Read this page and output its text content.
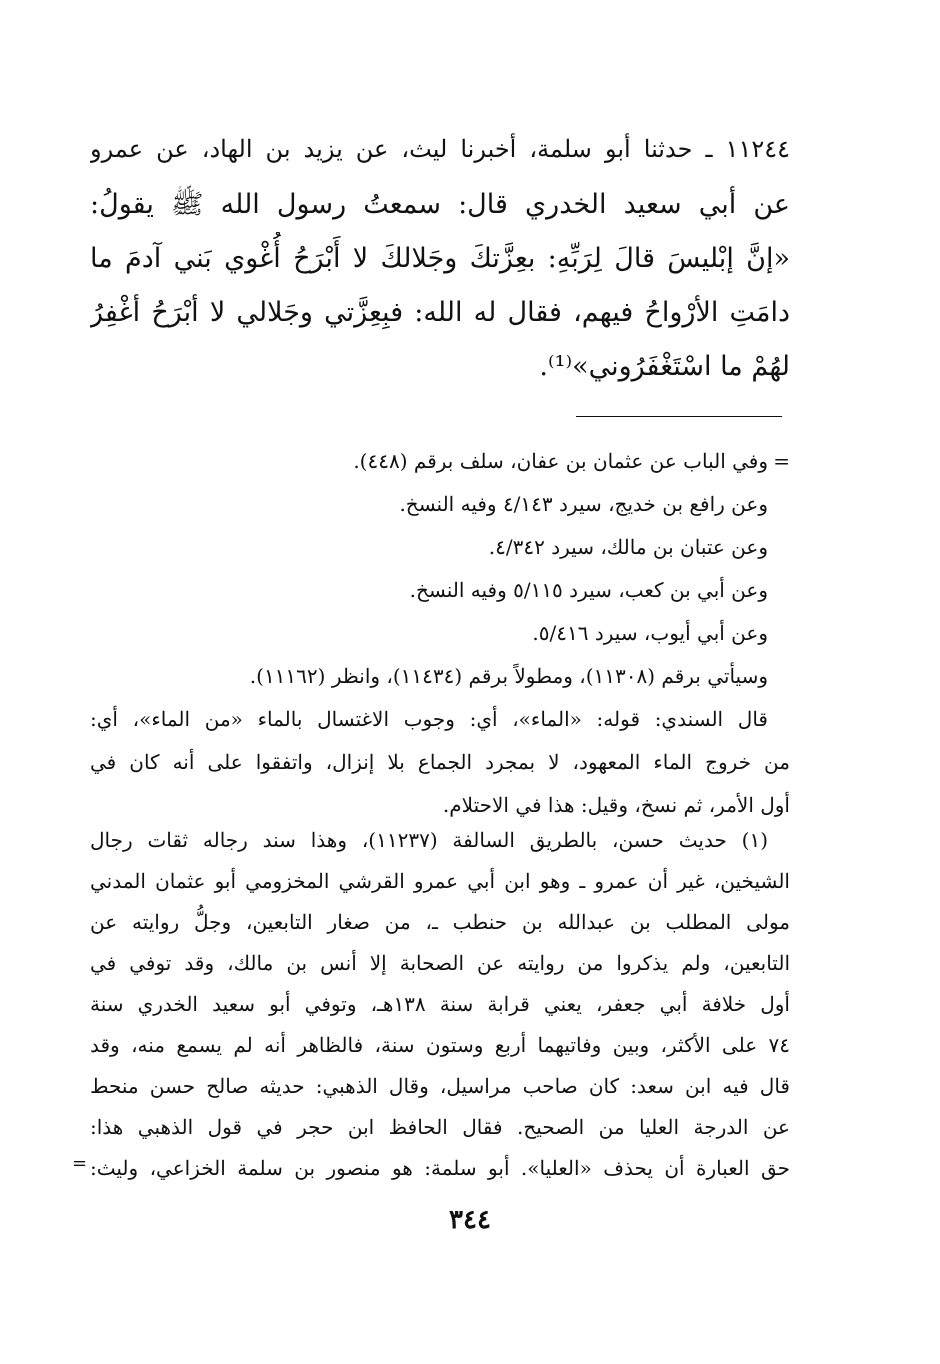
١١٢٤٤ ـ حدثنا أبو سلمة، أخبرنا ليث، عن يزيد بن الهاد، عن عمرو
عن أبي سعيد الخدري قال: سمعتُ رسول الله ﷺ يقولُ:
«إنَّ إبْليسَ قالَ لِرَبِّهِ: بعِزَّتكَ وجَلالكَ لا أَبْرَحُ أُغْوي بَني آدمَ ما
دامَتِ الأرْواحُ فيهم، فقال له الله: فبِعِزَّتي وجَلالي لا أبْرَحُ أغْفِرُ
لهُمْ ما اسْتَغْفَرُوني»⁽¹⁾.
=وفي الباب عن عثمان بن عفان، سلف برقم (٤٤٨).
وعن رافع بن خديج، سيرد ٤/١٤٣ وفيه النسخ.
وعن عتبان بن مالك، سيرد ٤/٣٤٢.
وعن أبي بن كعب، سيرد ٥/١١٥ وفيه النسخ.
وعن أبي أيوب، سيرد ٥/٤١٦.
وسيأتي برقم (١١٣٠٨)، ومطولاً برقم (١١٤٣٤)، وانظر (١١١٦٢).
قال السندي: قوله: «الماء»، أي: وجوب الاغتسال بالماء «من الماء»، أي:
من خروج الماء المعهود، لا بمجرد الجماع بلا إنزال، واتفقوا على أنه كان في
أول الأمر، ثم نسخ، وقيل: هذا في الاحتلام.
(١) حديث حسن، بالطريق السالفة (١١٢٣٧)، وهذا سند رجاله ثقات رجال
الشيخين، غير أن عمرو ـ وهو ابن أبي عمرو القرشي المخزومي أبو عثمان المدني
مولى المطلب بن عبدالله بن حنطب ـ، من صغار التابعين، وجلُّ روايته عن
التابعين، ولم يذكروا من روايته عن الصحابة إلا أنس بن مالك، وقد توفي في
أول خلافة أبي جعفر، يعني قرابة سنة ١٣٨هـ، وتوفي أبو سعيد الخدري سنة
٧٤ على الأكثر، وبين وفاتيهما أربع وستون سنة، فالظاهر أنه لم يسمع منه، وقد
قال فيه ابن سعد: كان صاحب مراسيل، وقال الذهبي: حديثه صالح حسن منحط
عن الدرجة العليا من الصحيح. فقال الحافظ ابن حجر في قول الذهبي هذا:
حق العبارة أن يحذف «العليا». أبو سلمة: هو منصور بن سلمة الخزاعي، وليث:
=
٣٤٤
